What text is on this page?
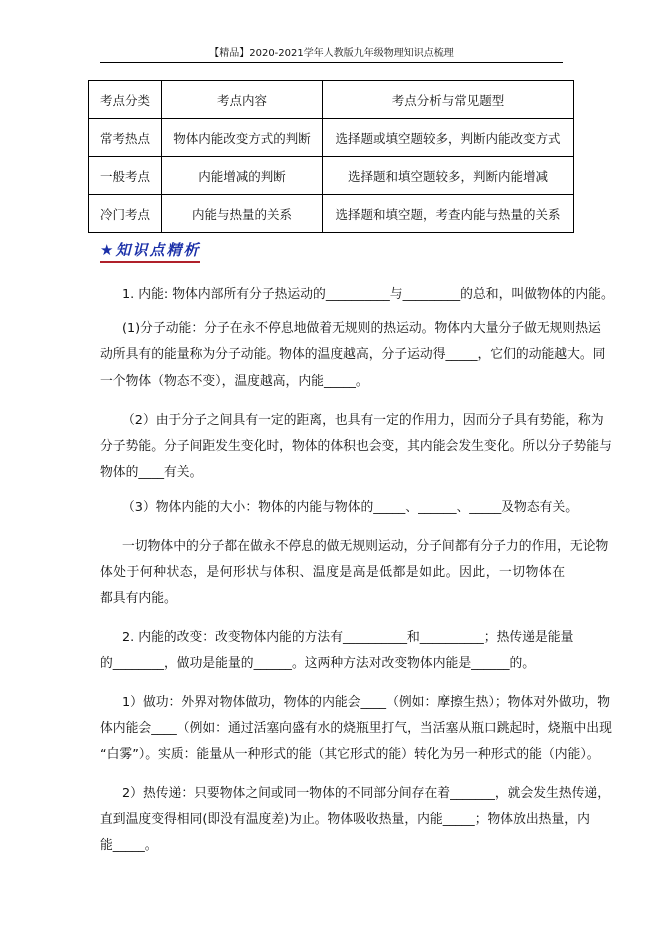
【精品】2020-2021学年人教版九年级物理知识点梳理
考点分类	考点内容	考点分析与常见题型
常考热点	物体内能改变方式的判断	选择题或填空题较多，判断内能改变方式
一般考点	内能增减的判断	选择题和填空题较多，判断内能增减
冷门考点	内能与热量的关系	选择题和填空题，考查内能与热量的关系
★知识点精析
1. 内能: 物体内部所有分子热运动的__________与_________的总和，叫做物体的内能。
(1)分子动能：分子在永不停息地做着无规则的热运动。物体内大量分子做无规则热运
动所具有的能量称为分子动能。物体的温度越高，分子运动得_____，它们的动能越大。同
一个物体（物态不变），温度越高，内能_____。
（2）由于分子之间具有一定的距离，也具有一定的作用力，因而分子具有势能，称为
分子势能。分子间距发生变化时，物体的体积也会变，其内能会发生变化。所以分子势能与
物体的____有关。
（3）物体内能的大小：物体的内能与物体的_____、______、_____及物态有关。
一切物体中的分子都在做永不停息的做无规则运动，分子间都有分子力的作用，无论物
体处于何种状态，是何形状与体积、温度是高是低都是如此。因此，一切物体在
都具有内能。
2. 内能的改变：改变物体内能的方法有__________和__________；热传递是能量
的________，做功是能量的______。这两种方法对改变物体内能是______的。
1）做功：外界对物体做功，物体的内能会____（例如：摩擦生热）；物体对外做功，物
体内能会____（例如：通过活塞向盛有水的烧瓶里打气，当活塞从瓶口跳起时，烧瓶中出现
“白雾”）。实质：能量从一种形式的能（其它形式的能）转化为另一种形式的能（内能）。
2）热传递：只要物体之间或同一物体的不同部分间存在着_______，就会发生热传递，
直到温度变得相同(即没有温度差)为止。物体吸收热量，内能_____；物体放出热量，内
能_____。
